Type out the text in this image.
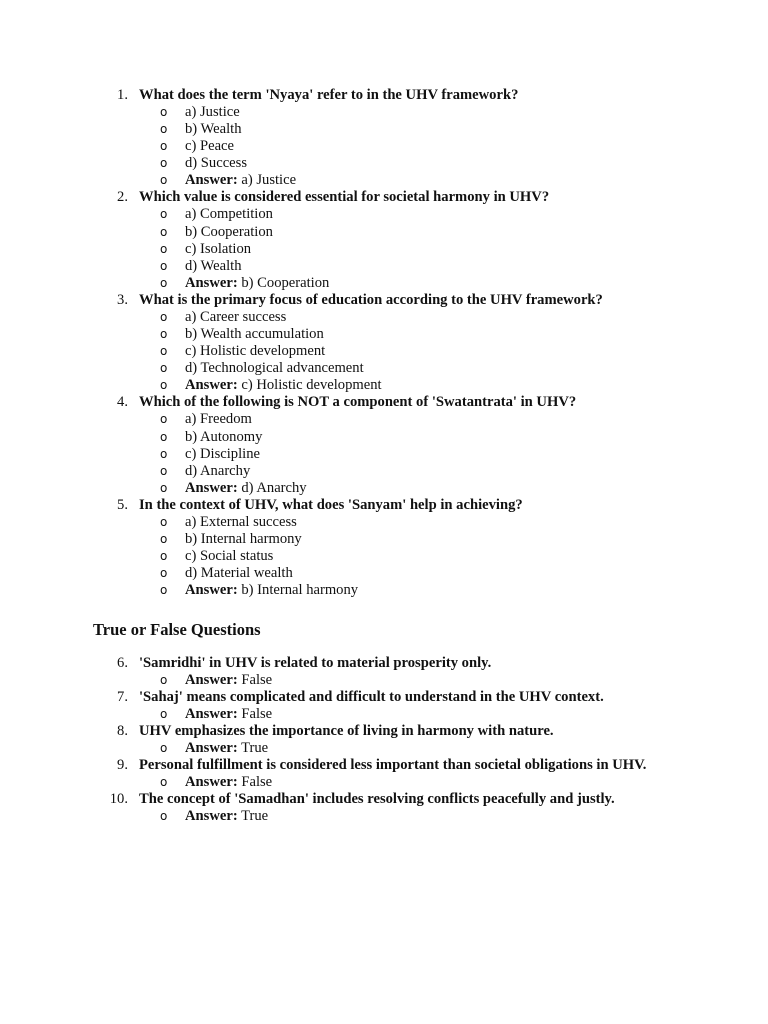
1. What does the term 'Nyaya' refer to in the UHV framework?
o a) Justice
o b) Wealth
o c) Peace
o d) Success
o Answer: a) Justice
2. Which value is considered essential for societal harmony in UHV?
o a) Competition
o b) Cooperation
o c) Isolation
o d) Wealth
o Answer: b) Cooperation
3. What is the primary focus of education according to the UHV framework?
o a) Career success
o b) Wealth accumulation
o c) Holistic development
o d) Technological advancement
o Answer: c) Holistic development
4. Which of the following is NOT a component of 'Swatantrata' in UHV?
o a) Freedom
o b) Autonomy
o c) Discipline
o d) Anarchy
o Answer: d) Anarchy
5. In the context of UHV, what does 'Sanyam' help in achieving?
o a) External success
o b) Internal harmony
o c) Social status
o d) Material wealth
o Answer: b) Internal harmony
True or False Questions
6. 'Samridhi' in UHV is related to material prosperity only.
o Answer: False
7. 'Sahaj' means complicated and difficult to understand in the UHV context.
o Answer: False
8. UHV emphasizes the importance of living in harmony with nature.
o Answer: True
9. Personal fulfillment is considered less important than societal obligations in UHV.
o Answer: False
10. The concept of 'Samadhan' includes resolving conflicts peacefully and justly.
o Answer: True
